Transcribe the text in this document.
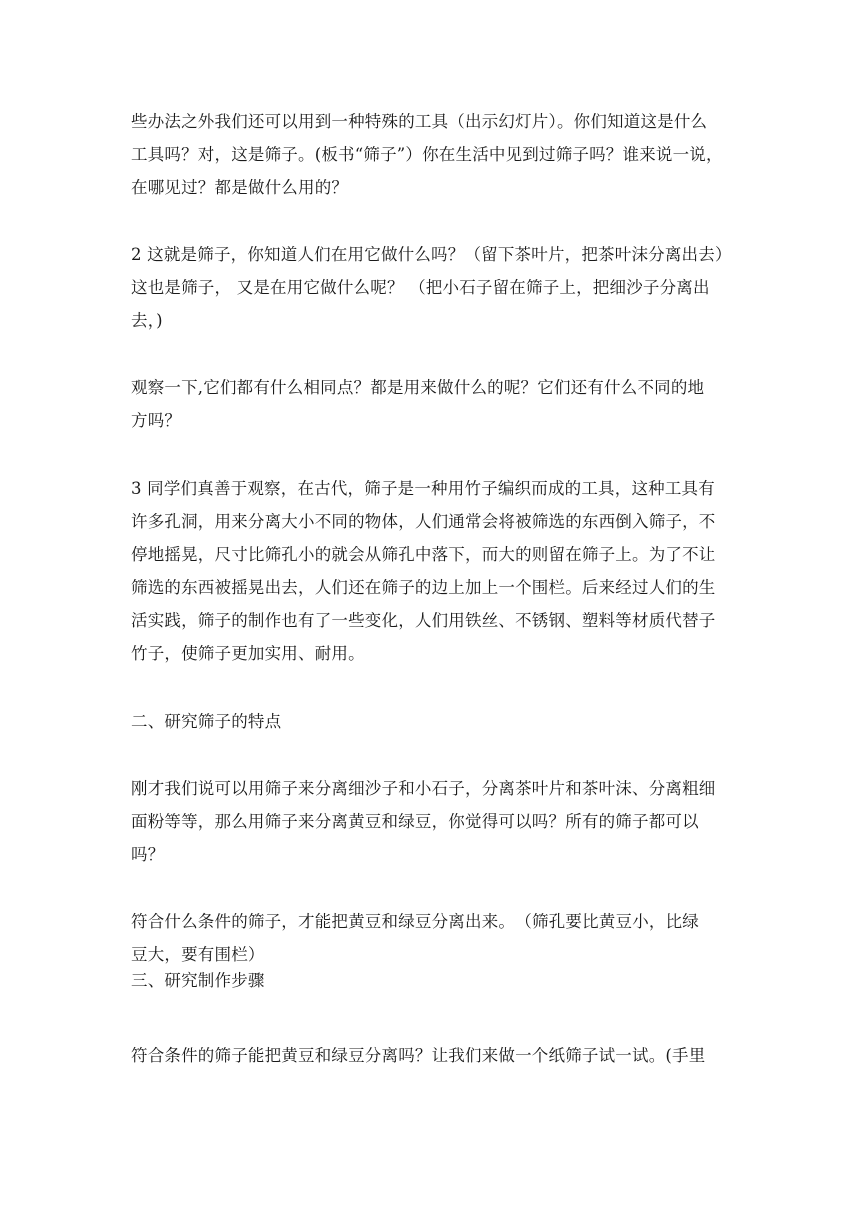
些办法之外我们还可以用到一种特殊的工具（出示幻灯片）。你们知道这是什么
工具吗？对，这是筛子。(板书“筛子”）你在生活中见到过筛子吗？谁来说一说，
在哪见过？都是做什么用的？
2 这就是筛子，你知道人们在用它做什么吗？（留下茶叶片，把茶叶沫分离出去）
这也是筛子， 又是在用它做什么呢？ （把小石子留在筛子上，把细沙子分离出
去，)
观察一下,它们都有什么相同点？都是用来做什么的呢？它们还有什么不同的地
方吗？
3 同学们真善于观察，在古代，筛子是一种用竹子编织而成的工具，这种工具有
许多孔洞，用来分离大小不同的物体，人们通常会将被筛选的东西倒入筛子，不
停地摇晃，尺寸比筛孔小的就会从筛孔中落下，而大的则留在筛子上。为了不让
筛选的东西被摇晃出去，人们还在筛子的边上加上一个围栏。后来经过人们的生
活实践，筛子的制作也有了一些变化，人们用铁丝、不锈钢、塑料等材质代替子
竹子，使筛子更加实用、耐用。
二、研究筛子的特点
刚才我们说可以用筛子来分离细沙子和小石子，分离茶叶片和茶叶沫、分离粗细
面粉等等，那么用筛子来分离黄豆和绿豆，你觉得可以吗？所有的筛子都可以
吗？
符合什么条件的筛子，才能把黄豆和绿豆分离出来。　（筛孔要比黄豆小，比绿
豆大，要有围栏）
三、研究制作步骤
符合条件的筛子能把黄豆和绿豆分离吗？让我们来做一个纸筛子试一试。(手里
